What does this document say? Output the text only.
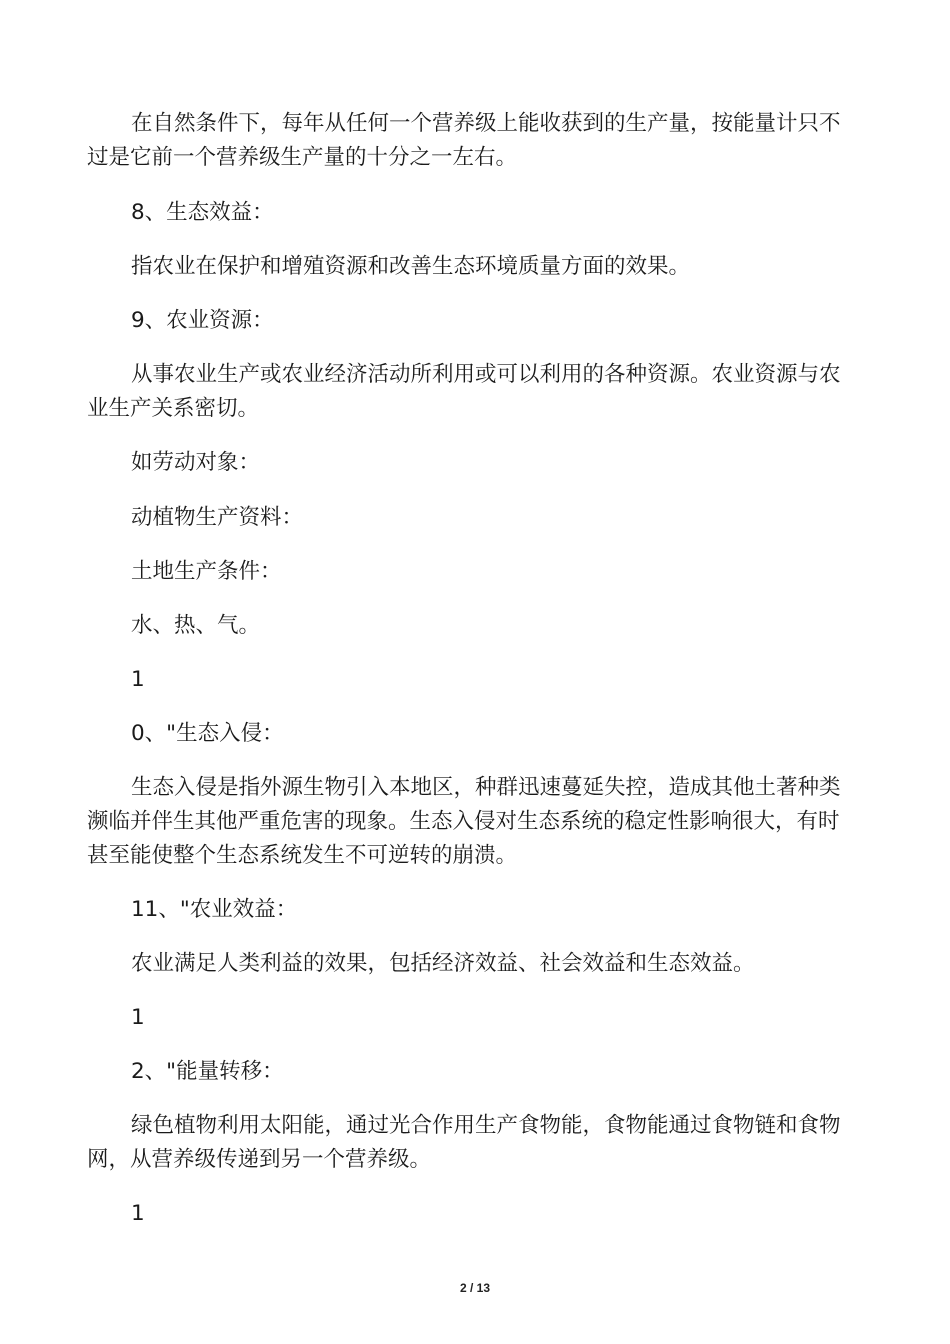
在自然条件下，每年从任何一个营养级上能收获到的生产量，按能量计只不过是它前一个营养级生产量的十分之一左右。

8、生态效益：

指农业在保护和增殖资源和改善生态环境质量方面的效果。

9、农业资源：

从事农业生产或农业经济活动所利用或可以利用的各种资源。农业资源与农业生产关系密切。

如劳动对象：

动植物生产资料：

土地生产条件：

水、热、气。

1

0、"生态入侵：

生态入侵是指外源生物引入本地区，种群迅速蔓延失控，造成其他土著种类濒临并伴生其他严重危害的现象。生态入侵对生态系统的稳定性影响很大，有时甚至能使整个生态系统发生不可逆转的崩溃。

11、"农业效益：

农业满足人类利益的效果，包括经济效益、社会效益和生态效益。

1

2、"能量转移：

绿色植物利用太阳能，通过光合作用生产食物能，食物能通过食物链和食物网，从营养级传递到另一个营养级。

1

2 / 13
